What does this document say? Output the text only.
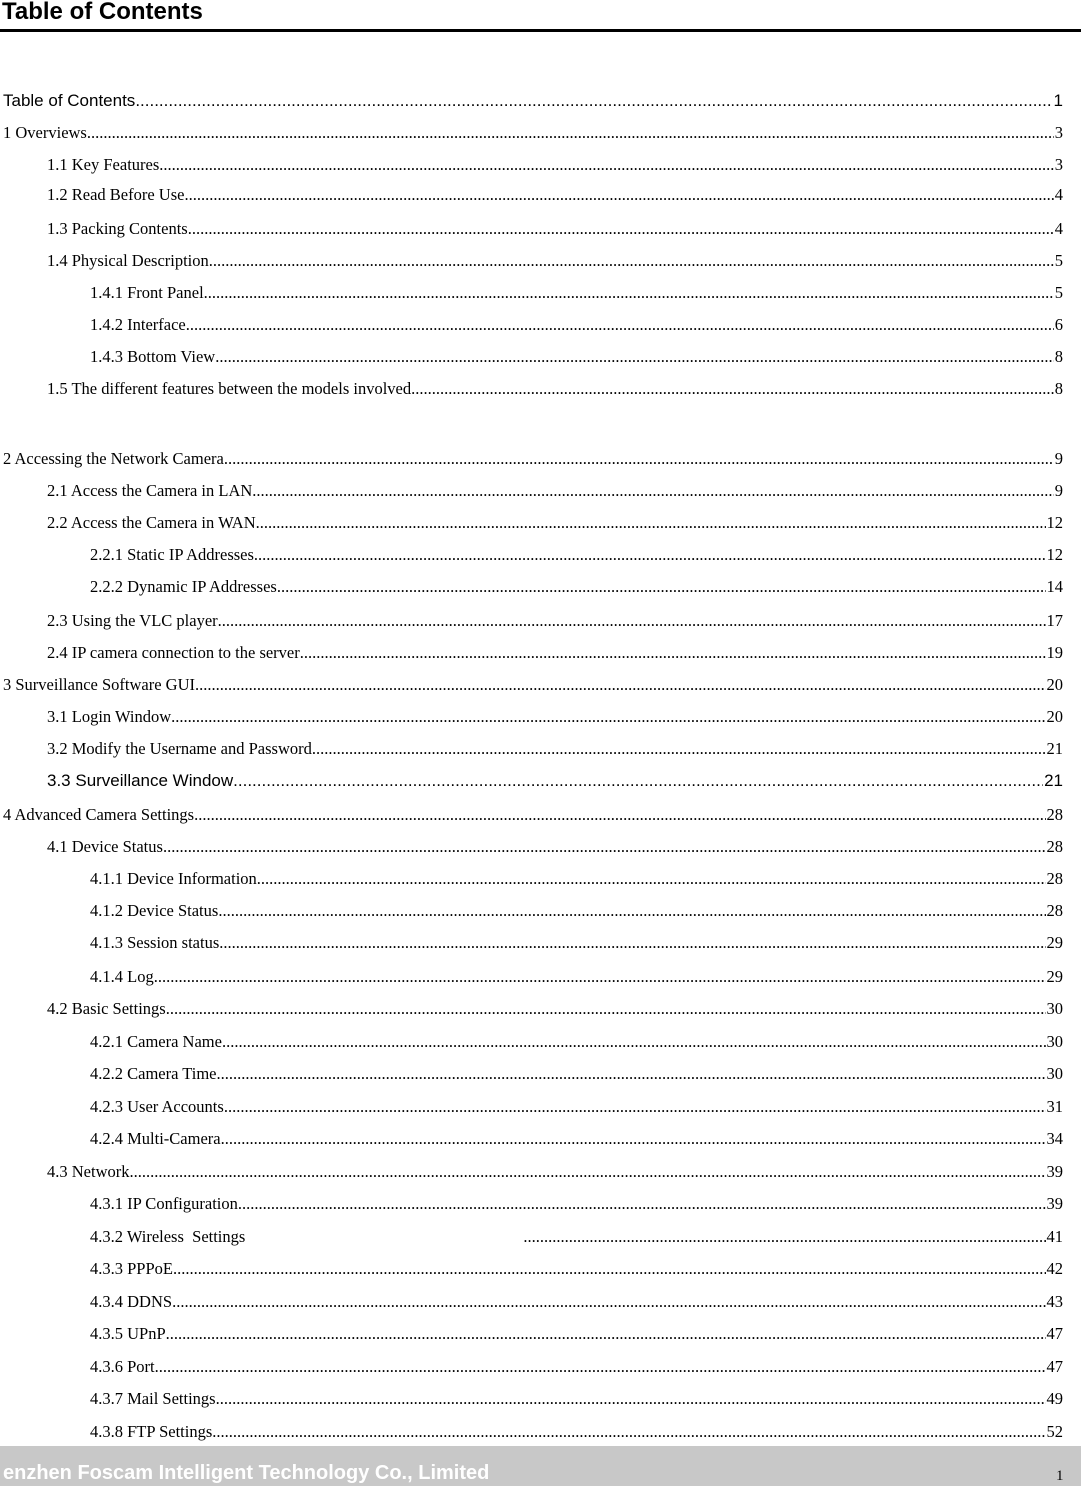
Table of Contents
Table of Contents .....	1
1 Overviews .....	3
1.1 Key Features .....	3
1.2 Read Before Use .....	4
1.3 Packing Contents .....	4
1.4 Physical Description .....	5
1.4.1 Front Panel .....	5
1.4.2 Interface .....	6
1.4.3 Bottom View .....	8
1.5 The different features between the models involved .....	8
2 Accessing the Network Camera .....	9
2.1 Access the Camera in LAN .....	9
2.2 Access the Camera in WAN .....	12
2.2.1 Static IP Addresses .....	12
2.2.2 Dynamic IP Addresses .....	14
2.3 Using the VLC player .....	17
2.4 IP camera connection to the server .....	19
3 Surveillance Software GUI .....	20
3.1 Login Window .....	20
3.2 Modify the Username and Password .....	21
3.3 Surveillance Window .....	21
4 Advanced Camera Settings .....	28
4.1 Device Status .....	28
4.1.1 Device Information .....	28
4.1.2 Device Status .....	28
4.1.3 Session status .....	29
4.1.4 Log .....	29
4.2 Basic Settings .....	30
4.2.1 Camera Name .....	30
4.2.2 Camera Time .....	30
4.2.3 User Accounts .....	31
4.2.4 Multi-Camera .....	34
4.3 Network .....	39
4.3.1 IP Configuration .....	39
4.3.2 Wireless  Settings .....	41
4.3.3 PPPoE .....	42
4.3.4 DDNS .....	43
4.3.5 UPnP .....	47
4.3.6 Port .....	47
4.3.7 Mail Settings .....	49
4.3.8 FTP Settings .....	52
enzhen Foscam Intelligent Technology Co., Limited	1
